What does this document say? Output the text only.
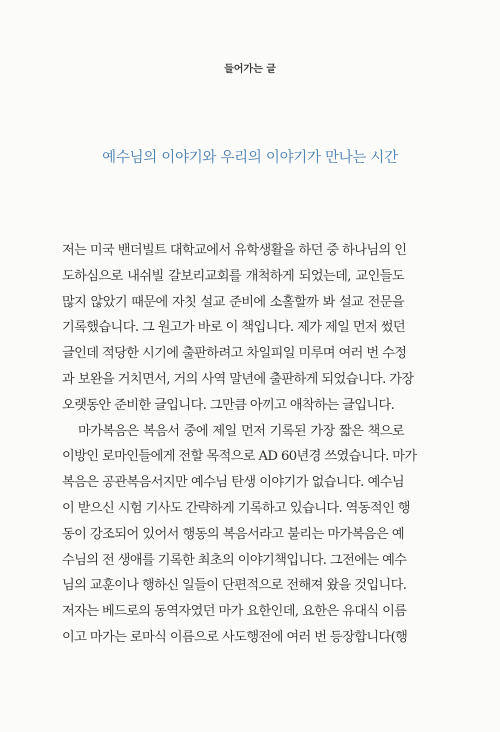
들어가는 글
예수님의 이야기와 우리의 이야기가 만나는 시간
저는 미국 밴더빌트 대학교에서 유학생활을 하던 중 하나님의 인
도하심으로 내쉬빌 갈보리교회를 개척하게 되었는데, 교인들도
많지 않았기 때문에 자칫 설교 준비에 소홀할까 봐 설교 전문을
기록했습니다. 그 원고가 바로 이 책입니다. 제가 제일 먼저 썼던
글인데 적당한 시기에 출판하려고 차일피일 미루며 여러 번 수정
과 보완을 거치면서, 거의 사역 말년에 출판하게 되었습니다. 가장
오랫동안 준비한 글입니다. 그만큼 아끼고 애착하는 글입니다.
마가복음은 복음서 중에 제일 먼저 기록된 가장 짧은 책으로
이방인 로마인들에게 전할 목적으로 AD 60년경 쓰였습니다. 마가
복음은 공관복음서지만 예수님 탄생 이야기가 없습니다. 예수님
이 받으신 시험 기사도 간략하게 기록하고 있습니다. 역동적인 행
동이 강조되어 있어서 행동의 복음서라고 불리는 마가복음은 예
수님의 전 생애를 기록한 최초의 이야기책입니다. 그전에는 예수
님의 교훈이나 행하신 일들이 단편적으로 전해져 왔을 것입니다.
저자는 베드로의 동역자였던 마가 요한인데, 요한은 유대식 이름
이고 마가는 로마식 이름으로 사도행전에 여러 번 등장합니다(행
